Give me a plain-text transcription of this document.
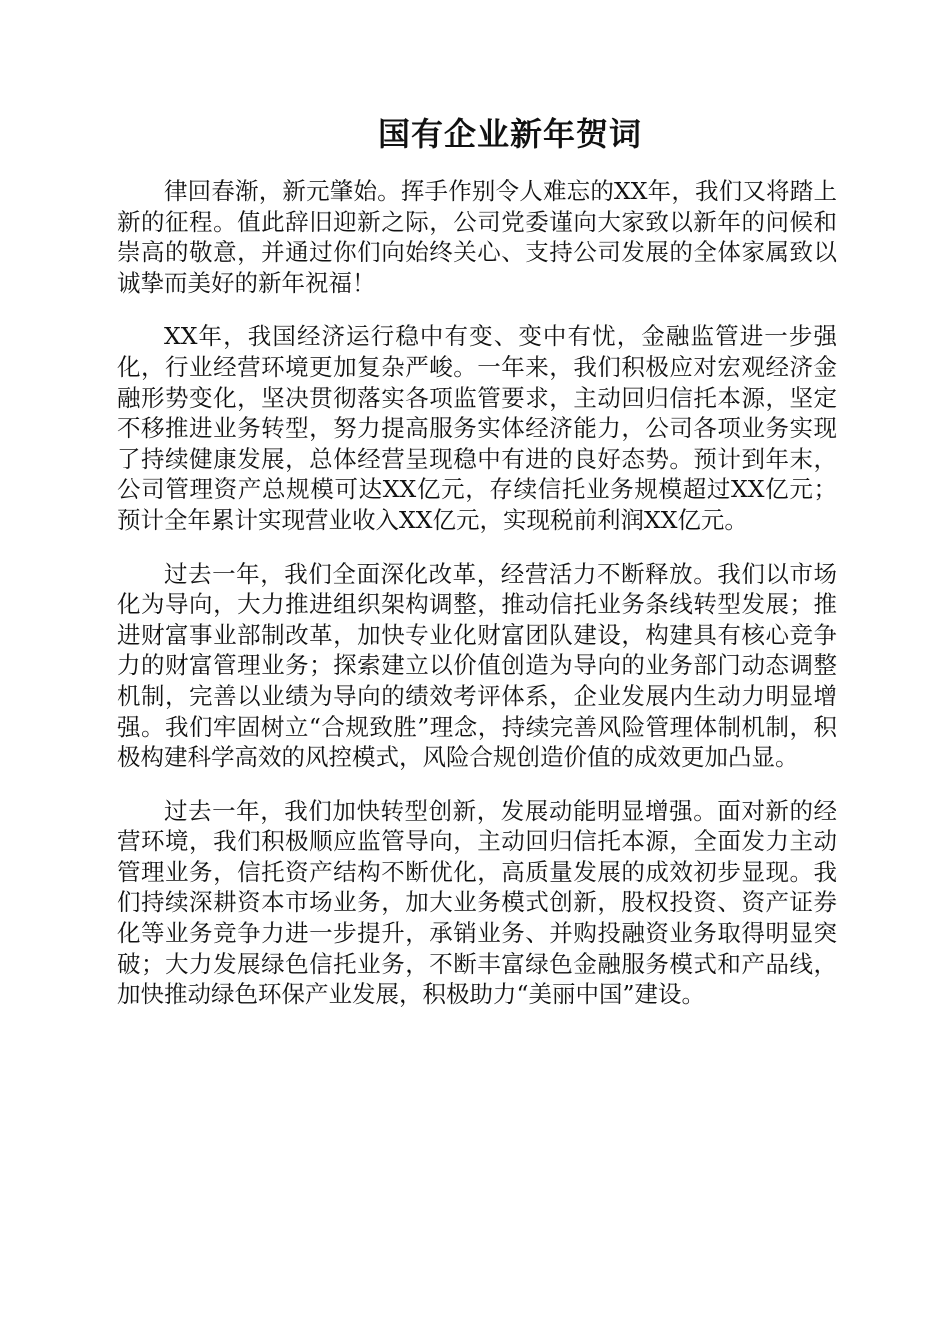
国有企业新年贺词

律回春渐，新元肇始。挥手作别令人难忘的XX年，我们又将踏上新的征程。值此辞旧迎新之际，公司党委谨向大家致以新年的问候和崇高的敬意，并通过你们向始终关心、支持公司发展的全体家属致以诚挚而美好的新年祝福！

XX年，我国经济运行稳中有变、变中有忧，金融监管进一步强化，行业经营环境更加复杂严峻。一年来，我们积极应对宏观经济金融形势变化，坚决贯彻落实各项监管要求，主动回归信托本源，坚定不移推进业务转型，努力提高服务实体经济能力，公司各项业务实现了持续健康发展，总体经营呈现稳中有进的良好态势。预计到年末，公司管理资产总规模可达XX亿元，存续信托业务规模超过XX亿元；预计全年累计实现营业收入XX亿元，实现税前利润XX亿元。

过去一年，我们全面深化改革，经营活力不断释放。我们以市场化为导向，大力推进组织架构调整，推动信托业务条线转型发展；推进财富事业部制改革，加快专业化财富团队建设，构建具有核心竞争力的财富管理业务；探索建立以价值创造为导向的业务部门动态调整机制，完善以业绩为导向的绩效考评体系，企业发展内生动力明显增强。我们牢固树立“合规致胜”理念，持续完善风险管理体制机制，积极构建科学高效的风控模式，风险合规创造价值的成效更加凸显。

过去一年，我们加快转型创新，发展动能明显增强。面对新的经营环境，我们积极顺应监管导向，主动回归信托本源，全面发力主动管理业务，信托资产结构不断优化，高质量发展的成效初步显现。我们持续深耕资本市场业务，加大业务模式创新，股权投资、资产证券化等业务竞争力进一步提升，承销业务、并购投融资业务取得明显突破；大力发展绿色信托业务，不断丰富绿色金融服务模式和产品线，加快推动绿色环保产业发展，积极助力“美丽中国”建设。
